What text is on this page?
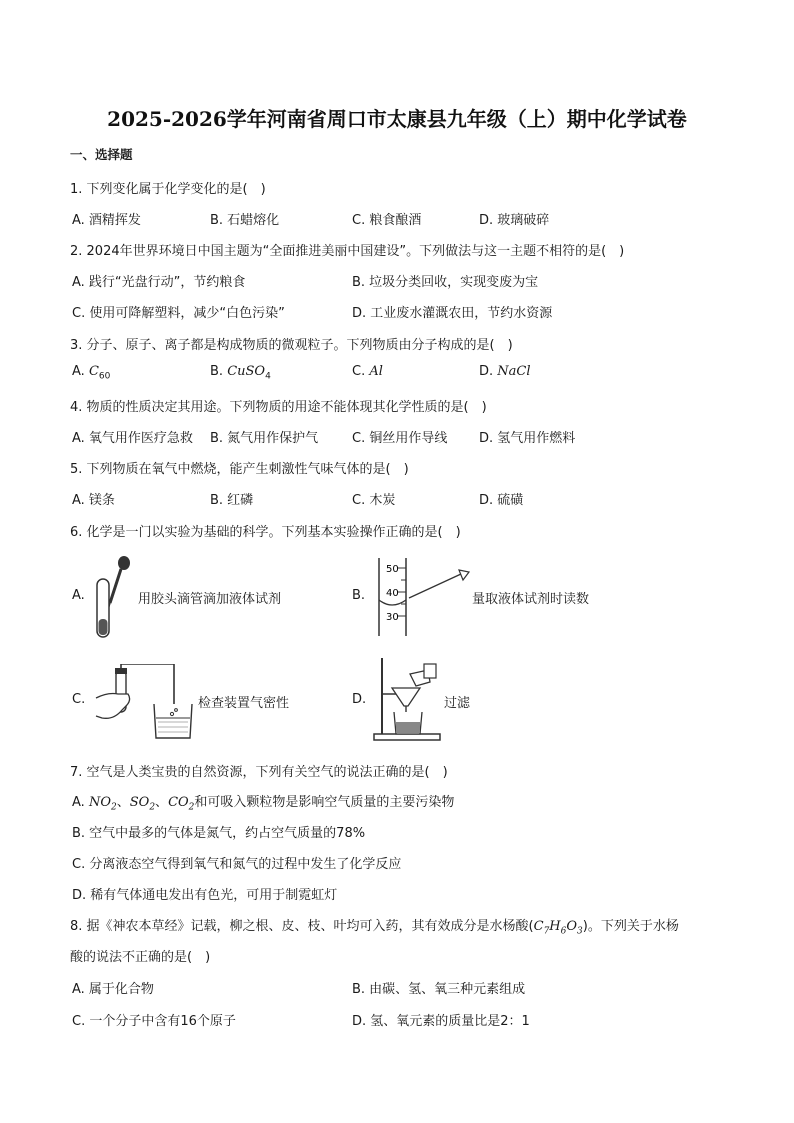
2025-2026学年河南省周口市太康县九年级（上）期中化学试卷
一、选择题
1. 下列变化属于化学变化的是(　)
A. 酒精挥发	B. 石蜡熔化	C. 粮食酿酒	D. 玻璃破碎
2. 2024年世界环境日中国主题为“全面推进美丽中国建设”。下列做法与这一主题不相符的是(　)
A. 践行“光盘行动”，节约粮食	B. 垃圾分类回收，实现变废为宝
C. 使用可降解塑料，减少“白色污染”	D. 工业废水灌溉农田，节约水资源
3. 分子、原子、离子都是构成物质的微观粒子。下列物质由分子构成的是(　)
A. $C_{60}$	B. CuSO$_4$	C. Al	D. NaCl
4. 物质的性质决定其用途。下列物质的用途不能体现其化学性质的是(　)
A. 氧气用作医疗急救 B. 氮气用作保护气	C. 铜丝用作导线 D. 氢气用作燃料
5. 下列物质在氧气中燃烧，能产生刺激性气味气体的是(　)
A. 镁条	B. 红磷	C. 木炭	D. 硫磺
6. 化学是一门以实验为基础的科学。下列基本实验操作正确的是(　)
A.	用胶头滴管滴加液体试剂	B.
50
40
30
量取液体试剂时读数
C.	检查装置气密性	D.	过滤
7. 空气是人类宝贵的自然资源，下列有关空气的说法正确的是(　)
A. $NO_2$、$SO_2$、$CO_2$和可吸入颗粒物是影响空气质量的主要污染物
B. 空气中最多的气体是氮气，约占空气质量的78%
C. 分离液态空气得到氧气和氮气的过程中发生了化学反应
D. 稀有气体通电发出有色光，可用于制霓虹灯
8. 据《神农本草经》记载，柳之根、皮、枝、叶均可入药，其有效成分是水杨酸$(C_7H_6O_3)$。下列关于水杨
酸的说法不正确的是(　)
A. 属于化合物	B. 由碳、氢、氧三种元素组成
C. 一个分子中含有16个原子	D. 氢、氧元素的质量比是2：1
